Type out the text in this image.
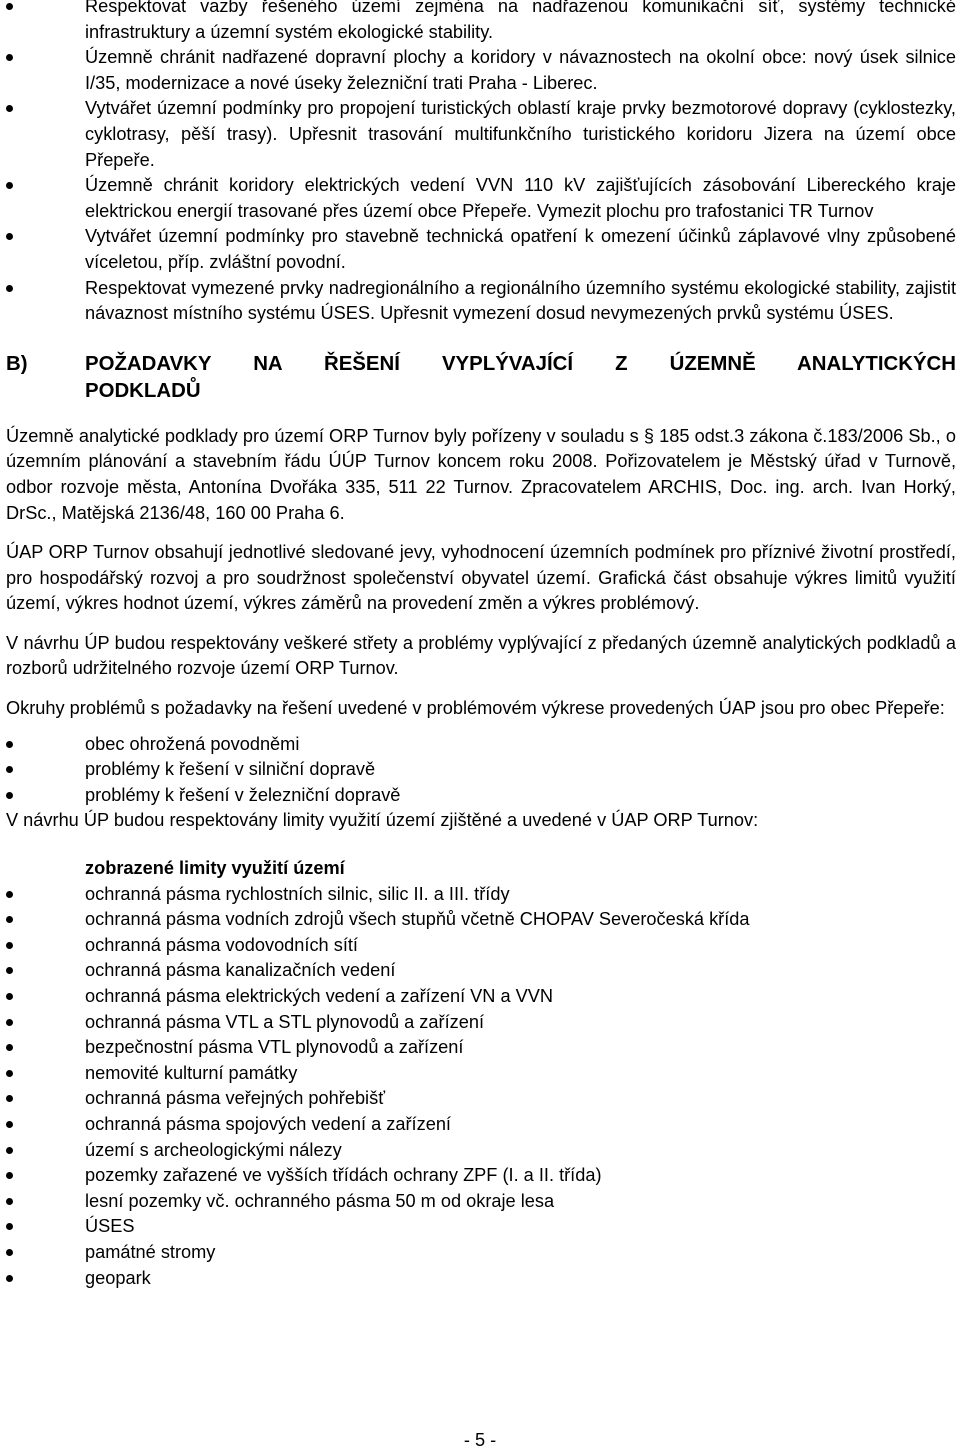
Respektovat vazby řešeného území zejména na nadřazenou komunikační síť, systémy technické infrastruktury a územní systém ekologické stability.
Územně chránit nadřazené dopravní plochy a koridory v návaznostech na okolní obce: nový úsek silnice I/35, modernizace a nové úseky železniční trati Praha - Liberec.
Vytvářet územní podmínky pro propojení turistických oblastí kraje prvky bezmotorové dopravy (cyklostezky, cyklotrasy, pěší trasy). Upřesnit trasování multifunkčního turistického koridoru Jizera na území obce Přepeře.
Územně chránit koridory elektrických vedení VVN 110 kV zajišťujících zásobování Libereckého kraje elektrickou energií trasované přes území obce Přepeře. Vymezit plochu pro trafostanici TR Turnov
Vytvářet územní podmínky pro stavebně technická opatření k omezení účinků záplavové vlny způsobené víceletou, příp. zvláštní povodní.
Respektovat vymezené prvky nadregionálního a regionálního územního systému ekologické stability, zajistit návaznost místního systému ÚSES. Upřesnit vymezení dosud nevymezených prvků systému ÚSES.
B)	POŽADAVKY NA ŘEŠENÍ VYPLÝVAJÍCÍ Z ÚZEMNĚ ANALYTICKÝCH
PODKLADŮ

Územně analytické podklady pro území ORP Turnov byly pořízeny v souladu s § 185 odst.3 zákona č.183/2006 Sb., o územním plánování a stavebním řádu ÚÚP Turnov koncem roku 2008. Pořizovatelem je Městský úřad v Turnově, odbor rozvoje města, Antonína Dvořáka 335, 511 22 Turnov. Zpracovatelem ARCHIS, Doc. ing. arch. Ivan Horký, DrSc., Matějská 2136/48, 160 00 Praha 6.

ÚAP ORP Turnov obsahují jednotlivé sledované jevy, vyhodnocení územních podmínek pro příznivé životní prostředí, pro hospodářský rozvoj a pro soudržnost společenství obyvatel území. Grafická část obsahuje výkres limitů využití území, výkres hodnot území, výkres záměrů na provedení změn a výkres problémový.

V návrhu ÚP budou respektovány veškeré střety a problémy vyplývající z předaných územně analytických podkladů a rozborů udržitelného rozvoje území ORP Turnov.

Okruhy problémů s požadavky na řešení uvedené v problémovém výkrese provedených ÚAP jsou pro obec Přepeře:

obec ohrožená povodněmi
problémy k řešení v silniční dopravě
problémy k řešení v železniční dopravě

V návrhu ÚP budou respektovány limity využití území zjištěné a uvedené v ÚAP ORP Turnov:

zobrazené limity využití území
ochranná pásma rychlostních silnic, silic II. a III. třídy
ochranná pásma vodních zdrojů všech stupňů včetně CHOPAV Severočeská křída
ochranná pásma vodovodních sítí
ochranná pásma kanalizačních vedení
ochranná pásma elektrických vedení a zařízení VN a VVN
ochranná pásma VTL a STL plynovodů a zařízení
bezpečnostní pásma VTL plynovodů a zařízení
nemovité kulturní památky
ochranná pásma veřejných pohřebišť
ochranná pásma spojových vedení a zařízení
území s archeologickými nálezy
pozemky zařazené ve vyšších třídách ochrany ZPF (I. a II. třída)
lesní pozemky vč. ochranného pásma 50 m od okraje lesa
ÚSES
památné stromy
geopark
- 5 -
